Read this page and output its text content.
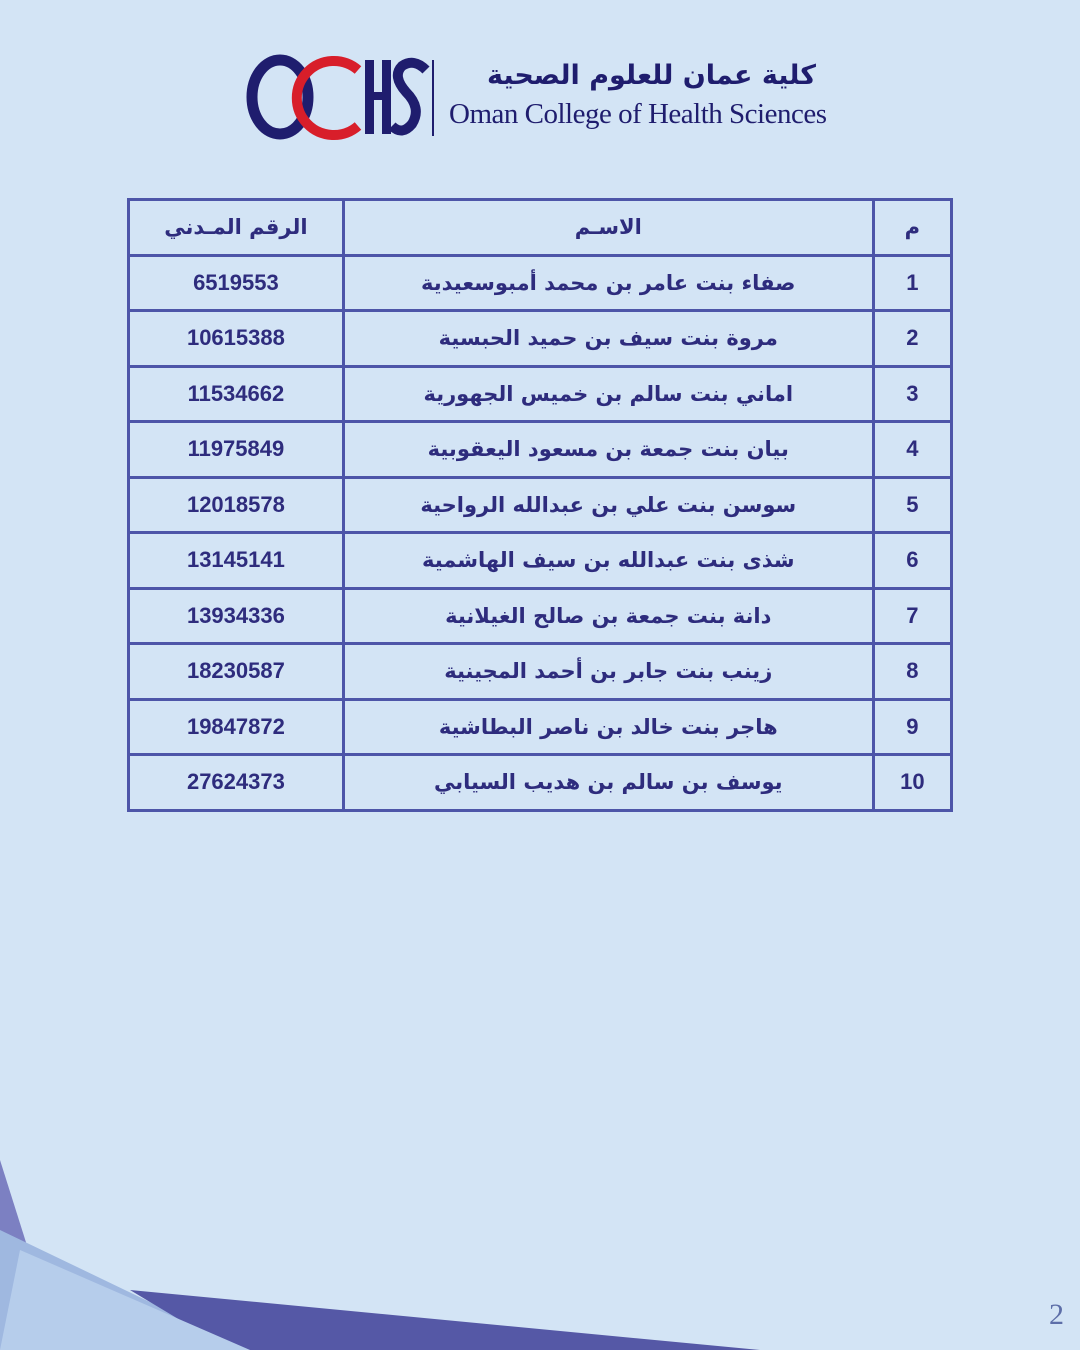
كلية عمان للعلوم الصحية
Oman College of Health Sciences
م	الاسـم	الرقم المـدني
1	صفاء بنت عامر بن محمد أمبوسعيدية	6519553
2	مروة بنت سيف بن حميد الحبسية	10615388
3	اماني بنت سالم بن خميس الجهورية	11534662
4	بيان بنت جمعة بن مسعود اليعقوبية	11975849
5	سوسن بنت علي بن عبدالله الرواحية	12018578
6	شذى بنت عبدالله بن سيف الهاشمية	13145141
7	دانة بنت جمعة بن صالح الغيلانية	13934336
8	زينب بنت جابر بن أحمد المجينية	18230587
9	هاجر بنت خالد بن ناصر البطاشية	19847872
10	يوسف بن سالم بن هديب السيابي	27624373
2
